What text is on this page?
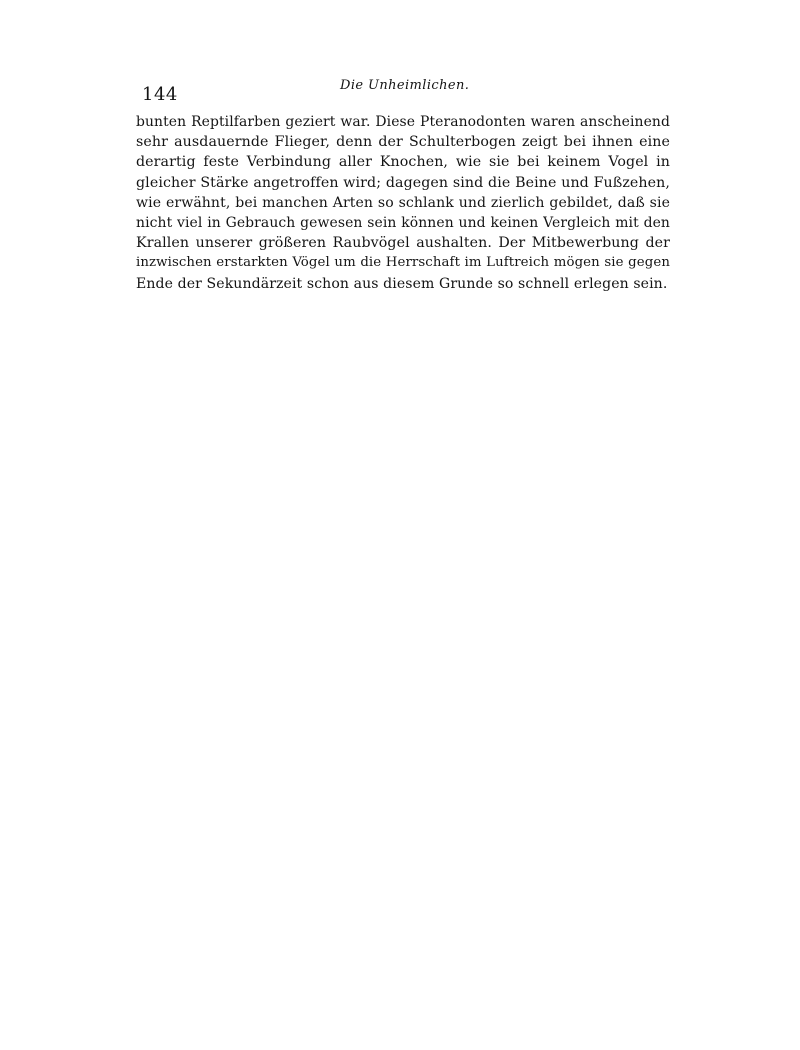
144	Die Unheimlichen.
bunten Reptilfarben geziert war. Diese Pteranodonten waren anscheinend
sehr ausdauernde Flieger, denn der Schulterbogen zeigt bei ihnen eine
derartig feste Verbindung aller Knochen, wie sie bei keinem Vogel in
gleicher Stärke angetroffen wird; dagegen sind die Beine und Fußzehen,
wie erwähnt, bei manchen Arten so schlank und zierlich gebildet, daß sie
nicht viel in Gebrauch gewesen sein können und keinen Vergleich mit den
Krallen unserer größeren Raubvögel aushalten. Der Mitbewerbung der
inzwischen erstarkten Vögel um die Herrschaft im Luftreich mögen sie gegen
Ende der Sekundärzeit schon aus diesem Grunde so schnell erlegen sein.
